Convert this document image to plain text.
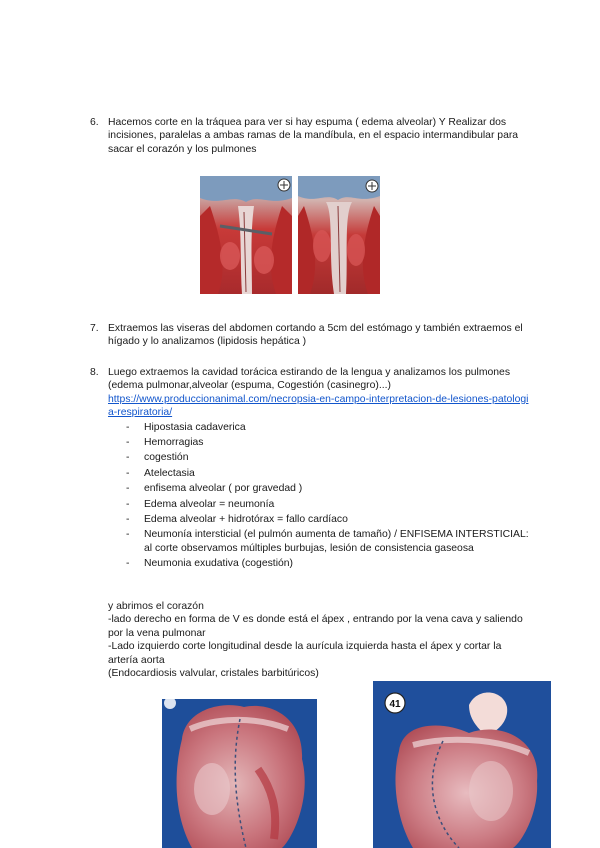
6. Hacemos corte en la tráquea para ver si hay espuma ( edema alveolar) Y Realizar dos incisiones, paralelas a ambas ramas de la mandíbula, en el espacio intermandibular para sacar el corazón y los pulmones
7. Extraemos las viseras del abdomen cortando a 5cm del estómago y también extraemos el hígado y lo analizamos (lipidosis hepática )
8. Luego extraemos la cavidad torácica estirando de la lengua y analizamos los pulmones (edema pulmonar,alveolar (espuma, Cogestión (casinegro)...)
https://www.produccionanimal.com/necropsia-en-campo-interpretacion-de-lesiones-patologia-respiratoria/
- Hipostasia cadaverica
- Hemorragias
- cogestión
- Atelectasia
- enfisema alveolar ( por gravedad )
- Edema alveolar = neumonía
- Edema alveolar + hidrotórax = fallo cardíaco
- Neumonía intersticial (el pulmón aumenta de tamaño) / ENFISEMA INTERSTICIAL: al corte observamos múltiples burbujas, lesión de consistencia gaseosa
- Neumonia exudativa (cogestión)
y abrimos el corazón
-lado derecho en forma de V es donde está el ápex , entrando por la vena cava y saliendo por la vena pulmonar
-Lado izquierdo corte longitudinal desde la aurícula izquierda hasta el ápex y cortar la artería aorta
(Endocardiosis valvular, cristales barbitúricos)
41
